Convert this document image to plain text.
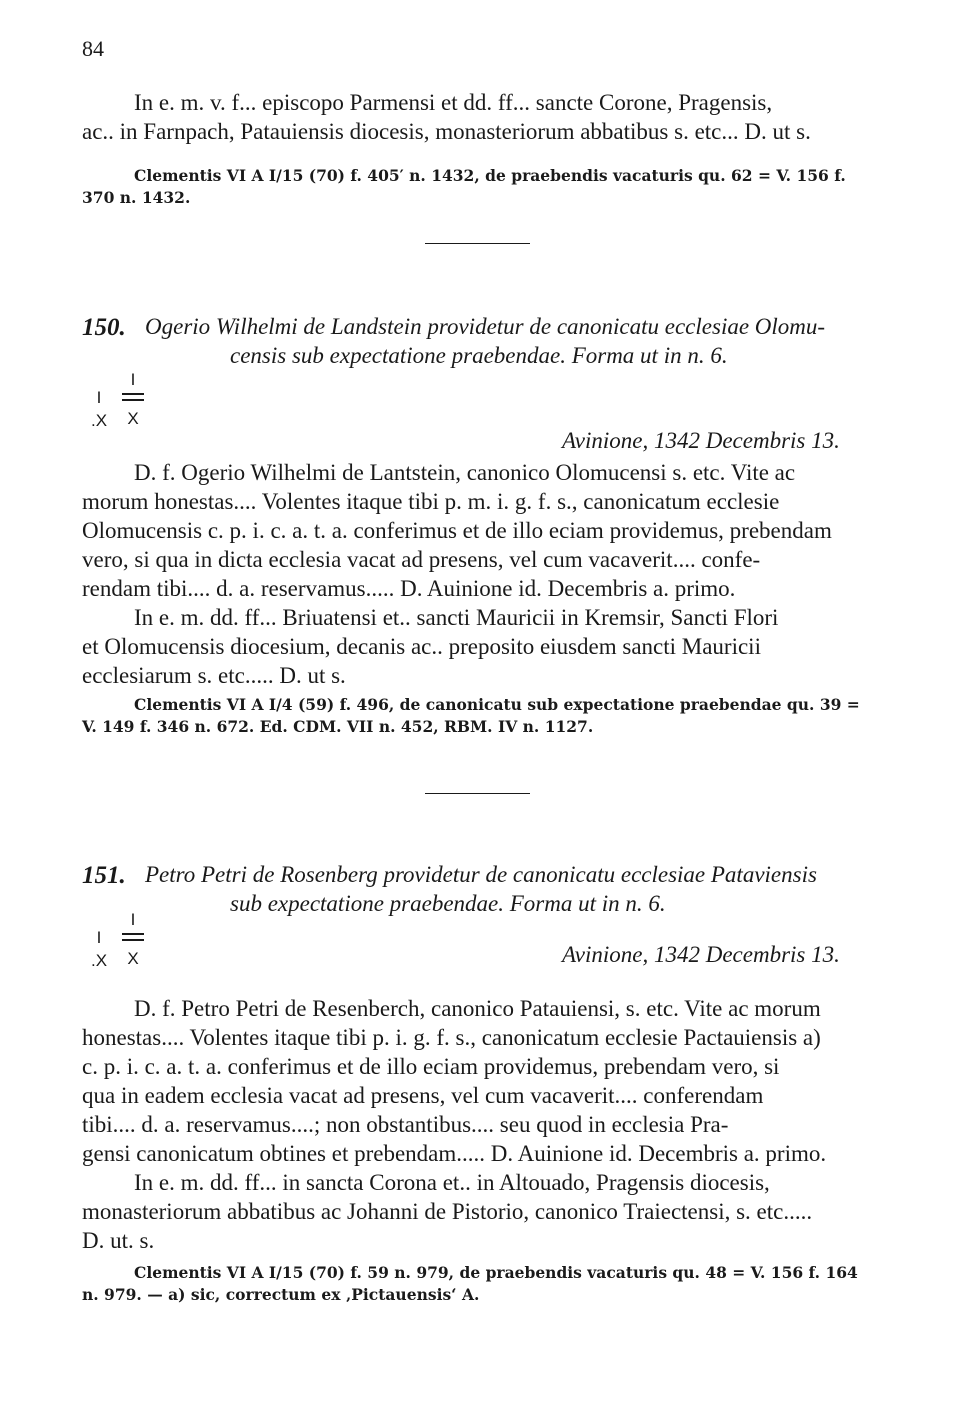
84
In e. m. v. f... episcopo Parmensi et dd. ff... sancte Corone, Pragensis,
ac.. in Farnpach, Patauiensis diocesis, monasteriorum abbatibus s. etc... D. ut s.
Clementis VI A I/15 (70) f. 405′ n. 1432, de praebendis vacaturis qu. 62 = V. 156 f.
370 n. 1432.
150. Ogerio Wilhelmi de Landstein providetur de canonicatu ecclesiae Olomu-
censis sub expectatione praebendae. Forma ut in n. 6.
I
.X
I
X
Avinione, 1342 Decembris 13.
D. f. Ogerio Wilhelmi de Lantstein, canonico Olomucensi s. etc. Vite ac
morum honestas.... Volentes itaque tibi p. m. i. g. f. s., canonicatum ecclesie
Olomucensis c. p. i. c. a. t. a. conferimus et de illo eciam providemus, prebendam
vero, si qua in dicta ecclesia vacat ad presens, vel cum vacaverit.... confe-
rendam tibi.... d. a. reservamus..... D. Auinione id. Decembris a. primo.
In e. m. dd. ff... Briuatensi et.. sancti Mauricii in Kremsir, Sancti Flori
et Olomucensis diocesium, decanis ac.. preposito eiusdem sancti Mauricii
ecclesiarum s. etc..... D. ut s.
Clementis VI A I/4 (59) f. 496, de canonicatu sub expectatione praebendae qu. 39 =
V. 149 f. 346 n. 672. Ed. CDM. VII n. 452, RBM. IV n. 1127.
151. Petro Petri de Rosenberg providetur de canonicatu ecclesiae Pataviensis
sub expectatione praebendae. Forma ut in n. 6.
I
.X
I
X	Avinione, 1342 Decembris 13.
D. f. Petro Petri de Resenberch, canonico Patauiensi, s. etc. Vite ac morum
honestas.... Volentes itaque tibi p. i. g. f. s., canonicatum ecclesie Pactauiensis a)
c. p. i. c. a. t. a. conferimus et de illo eciam providemus, prebendam vero, si
qua in eadem ecclesia vacat ad presens, vel cum vacaverit.... conferendam
tibi.... d. a. reservamus....; non obstantibus.... seu quod in ecclesia Pra-
gensi canonicatum obtines et prebendam..... D. Auinione id. Decembris a. primo.
In e. m. dd. ff... in sancta Corona et.. in Altouado, Pragensis diocesis,
monasteriorum abbatibus ac Johanni de Pistorio, canonico Traiectensi, s. etc.....
D. ut. s.
Clementis VI A I/15 (70) f. 59 n. 979, de praebendis vacaturis qu. 48 = V. 156 f. 164
n. 979. — a) sic, correctum ex ‚Pictauensis‘ A.
